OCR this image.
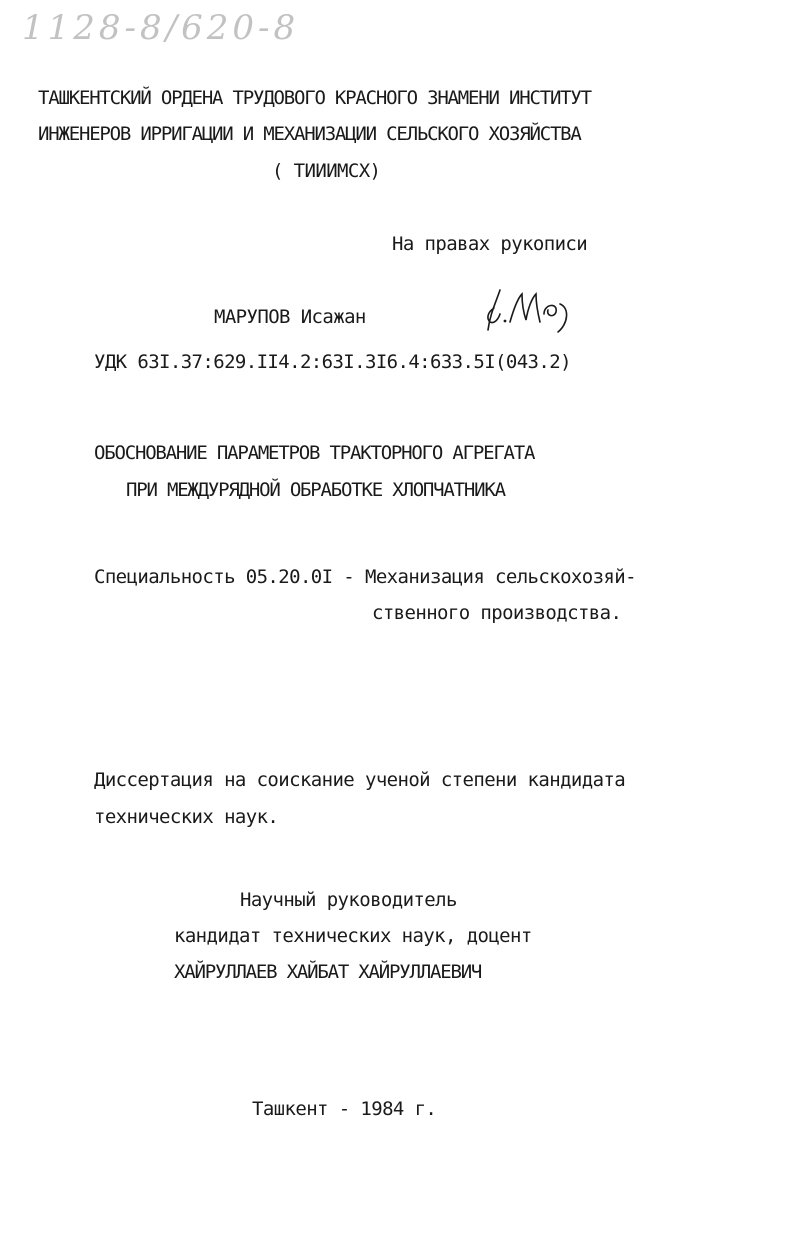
1128-8/620-8
ТАШКЕНТСКИЙ ОРДЕНА ТРУДОВОГО КРАСНОГО ЗНАМЕНИ ИНСТИТУТ
ИНЖЕНЕРОВ ИРРИГАЦИИ И МЕХАНИЗАЦИИ СЕЛЬСКОГО ХОЗЯЙСТВА
( ТИИИМСХ)
На правах рукописи
МАРУПОВ Исажан
УДК 63I.37:629.II4.2:63I.3I6.4:633.5I(043.2)
ОБОСНОВАНИЕ ПАРАМЕТРОВ ТРАКТОРНОГО АГРЕГАТА
ПРИ МЕЖДУРЯДНОЙ ОБРАБОТКЕ ХЛОПЧАТНИКА
Специальность 05.20.0I - Механизация сельскохозяй-
ственного производства.
Диссертация на соискание ученой степени кандидата
технических наук.
Научный руководитель
кандидат технических наук, доцент
ХАЙРУЛЛАЕВ ХАЙБАТ ХАЙРУЛЛАЕВИЧ
Ташкент - 1984 г.
